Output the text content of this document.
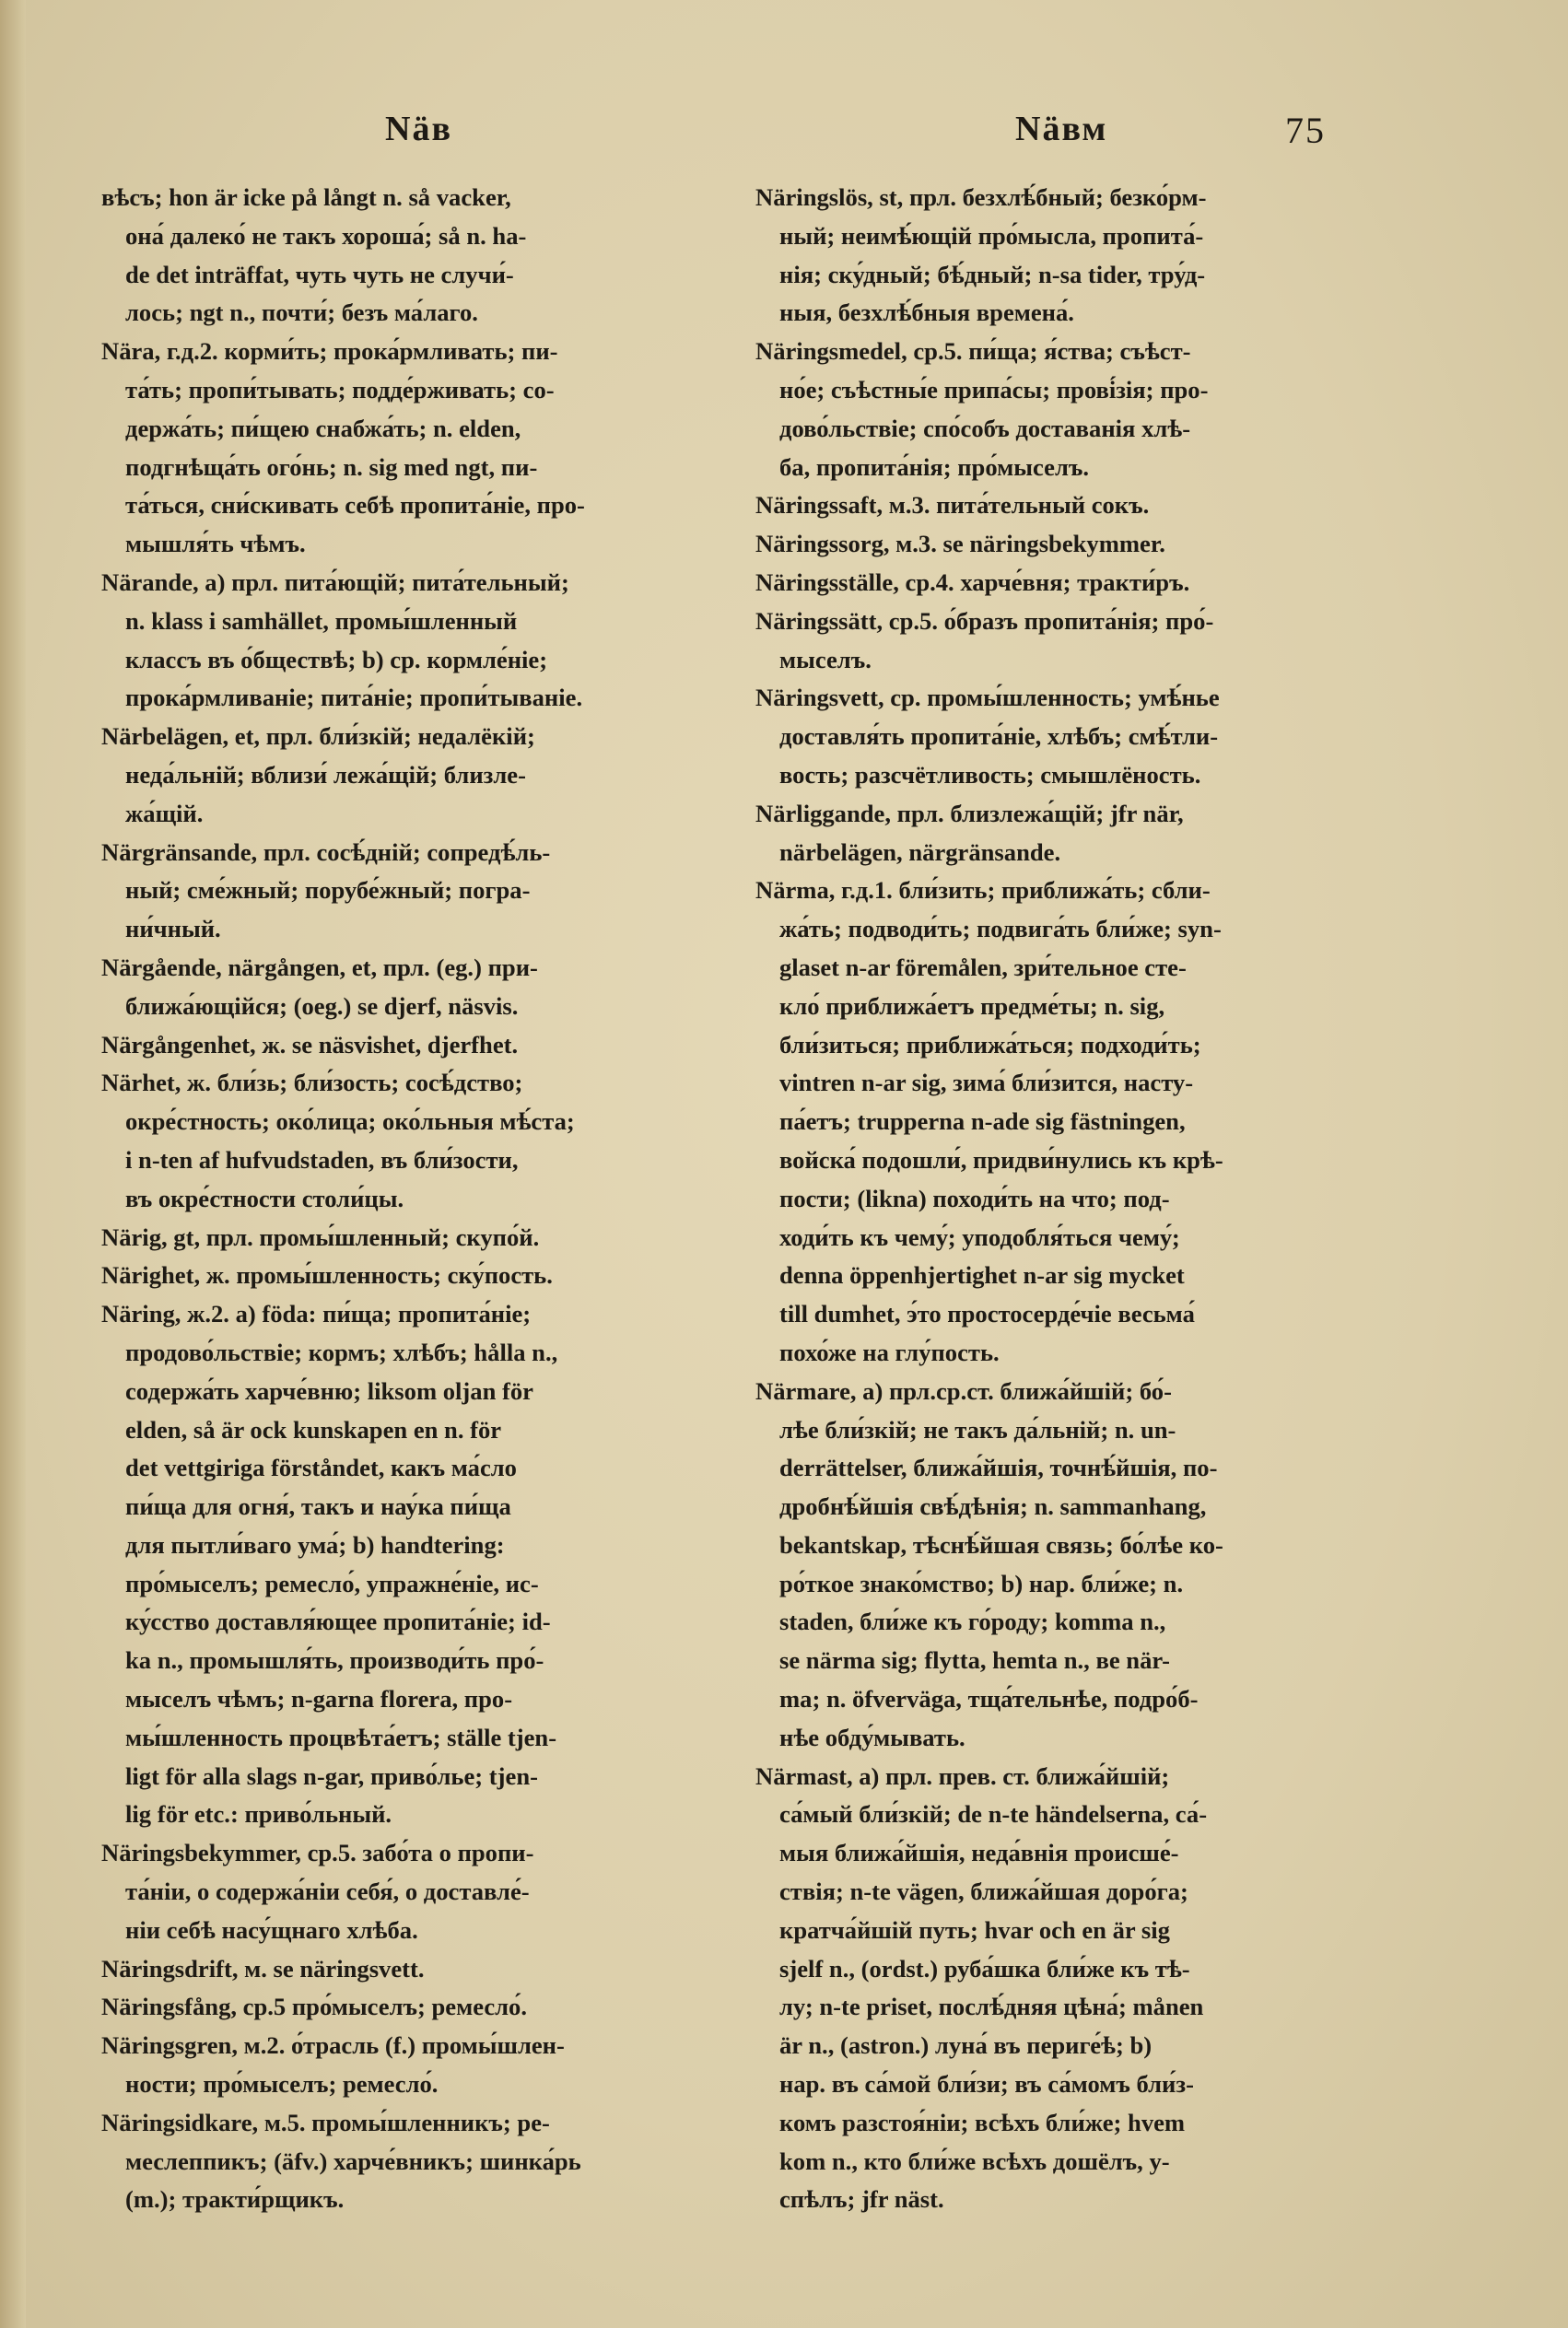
Näв	Näвм	75
вѣсъ; hon är icke på långt n. så vacker,
она́ далеко́ не такъ хороша́; så n. ha-
de det inträffat, чуть чуть не случи́-
лось; ngt n., почти́; безъ ма́лаго.
Nära, г.д.2. корми́ть; прока́рмливать; пи-
та́ть; пропи́тывать; подде́рживать; со-
держа́ть; пи́щею снабжа́ть; n. elden,
подгнѣща́ть ого́нь; n. sig med ngt, пи-
та́ться, сни́скивать себѣ пропита́ніе, про-
мышля́ть чѣмъ.
Närande, a) прл. пита́ющій; пита́тельный;
n. klass i samhället, промы́шленный
классъ въ о́бществѣ; b) ср. кормле́ніе;
прока́рмливаніе; пита́ніе; пропи́тываніе.
Närbelägen, et, прл. бли́зкій; недалёкій;
неда́льній; вблизи́ лежа́щій; близле-
жа́щій.
Närgränsande, прл. сосѣ́дній; сопредѣ́ль-
ный; сме́жный; порубе́жный; погра-
ни́чный.
Närgående, närgången, et, прл. (eg.) при-
ближа́ющійся; (oeg.) se djerf, näsvis.
Närgångenhet, ж. se näsvishet, djerfhet.
Närhet, ж. бли́зь; бли́зость; сосѣ́дство;
окре́стность; око́лица; око́льныя мѣ́ста;
i n-ten af hufvudstaden, въ бли́зости,
въ окре́стности столи́цы.
Närig, gt, прл. промы́шленный; скупо́й.
Närighet, ж. промы́шленность; ску́пость.
Näring, ж.2. a) föda: пи́ща; пропита́ніе;
продово́льствіе; кормъ; хлѣбъ; hålla n.,
содержа́ть харче́вню; liksom oljan för
elden, så är ock kunskapen en n. för
det vettgiriga förståndet, какъ ма́сло
пи́ща для огня́, такъ и нау́ка пи́ща
для пытли́ваго ума́; b) handtering:
про́мыселъ; ремесло́, упражне́ніе, ис-
ку́сство доставля́ющее пропита́ніе; id-
ka n., промышля́ть, производи́ть про́-
мыселъ чѣмъ; n-garna florera, про-
мы́шленность процвѣта́етъ; ställe tjen-
ligt för alla slags n-gar, приво́лье; tjen-
lig för etc.: приво́льный.
Näringsbekymmer, ср.5. забо́та о пропи-
та́ніи, о содержа́ніи себя́, о доставле́-
ніи себѣ насу́щнаго хлѣба.
Näringsdrift, м. se näringsvett.
Näringsfång, ср.5 про́мыселъ; ремесло́.
Näringsgren, м.2. о́трасль (f.) промы́шлен-
ности; про́мыселъ; ремесло́.
Näringsidkare, м.5. промы́шленникъ; ре-
меслеппикъ; (äfv.) харче́вникъ; шинка́рь
(m.); тракти́рщикъ.
Näringslös, st, прл. безхлѣ́бный; безко́рм-
ный; неимѣ́ющій про́мысла, пропита́-
нія; ску́дный; бѣ́дный; n-sa tider, тру́д-
ныя, безхлѣ́бныя времена́.
Näringsmedel, ср.5. пи́ща; я́ства; съѣст-
но́е; съѣстны́е припа́сы; прові́зія; про-
дово́льствіе; спо́собъ доставанія хлѣ-
ба, пропита́нія; про́мыселъ.
Näringssaft, м.3. пита́тельный сокъ.
Näringssorg, м.3. se näringsbekymmer.
Näringsställe, ср.4. харче́вня; тракти́ръ.
Näringssätt, ср.5. о́бразъ пропита́нія; про́-
мыселъ.
Näringsvett, ср. промы́шленность; умѣ́нье
доставля́ть пропита́ніе, хлѣбъ; смѣ́тли-
вость; разсчётливость; смышлёность.
Närliggande, прл. близлежа́щій; jfr när,
närbelägen, närgränsande.
Närma, г.д.1. бли́зить; приближа́ть; сбли-
жа́ть; подводи́ть; подвига́ть бли́же; syn-
glaset n-ar föremålen, зри́тельное сте-
кло́ приближа́етъ предме́ты; n. sig,
бли́зиться; приближа́ться; подходи́ть;
vintren n-ar sig, зима́ бли́зится, насту-
па́етъ; trupperna n-ade sig fästningen,
войска́ подошли́, придви́нулись къ крѣ-
пости; (likna) походи́ть на что; под-
ходи́ть къ чему́; уподобля́ться чему́;
denna öppenhjertighet n-ar sig mycket
till dumhet, э́то простосерде́чіе весьма́
похо́же на глу́пость.
Närmare, a) прл.ср.ст. ближа́йшій; бо́-
лѣе бли́зкій; не такъ да́льній; n. un-
derrättelser, ближа́йшія, точнѣ́йшія, по-
дробнѣ́йшія свѣ́дѣнія; n. sammanhang,
bekantskap, тѣснѣ́йшая связь; бо́лѣе ко-
ро́ткое знако́мство; b) нар. бли́же; n.
staden, бли́же къ го́роду; komma n.,
se närma sig; flytta, hemta n., ве när-
ma; n. öfverväga, тща́тельнѣе, подро́б-
нѣе обду́мывать.
Närmast, a) прл. прев. ст. ближа́йшій;
са́мый бли́зкій; de n-te händelserna, са́-
мыя ближа́йшія, неда́внія происше́-
ствія; n-te vägen, ближа́йшая доро́га;
кратча́йшій путь; hvar och en är sig
sjelf n., (ordst.) руба́шка бли́же къ тѣ-
лу; n-te priset, послѣ́дняя цѣна́; månen
är n., (astron.) луна́ въ периге́ѣ; b)
нар. въ са́мой бли́зи; въ са́момъ бли́з-
комъ разстоя́ніи; всѣхъ бли́же; hvem
kom n., кто бли́же всѣхъ дошёлъ, у-
спѣлъ; jfr näst.
